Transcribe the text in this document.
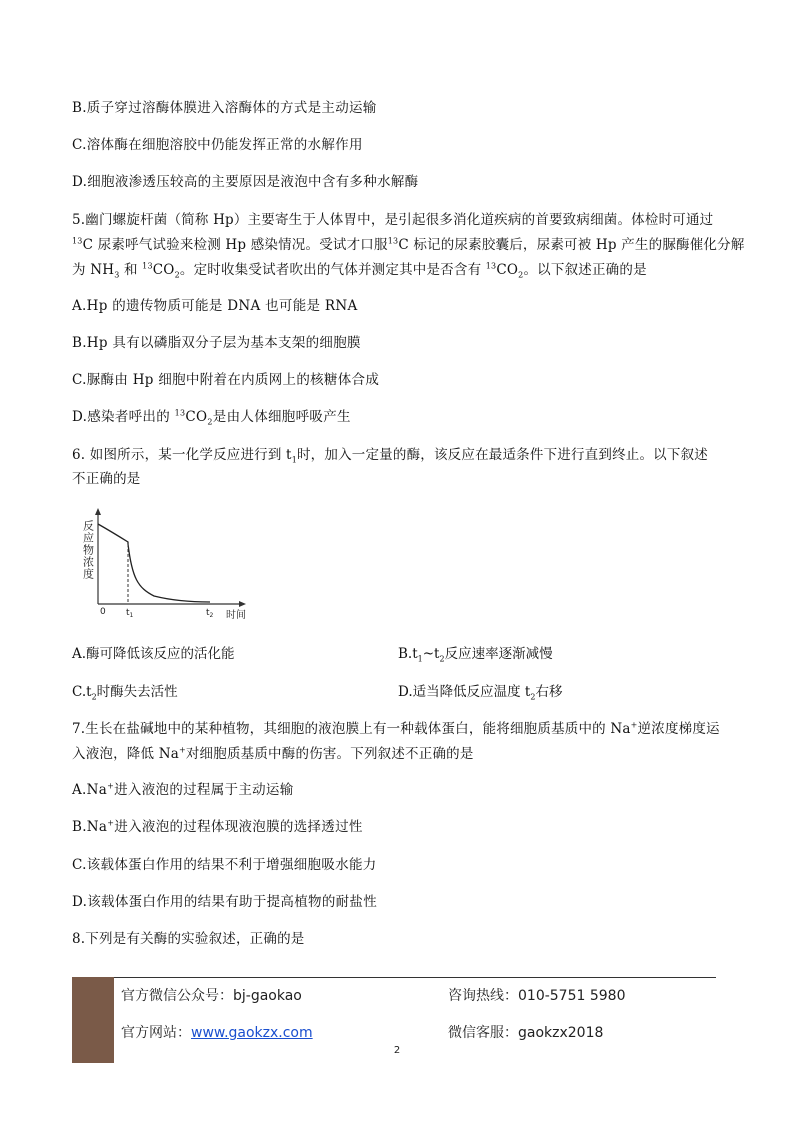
B.质子穿过溶酶体膜进入溶酶体的方式是主动运输
C.溶体酶在细胞溶胶中仍能发挥正常的水解作用
D.细胞液渗透压较高的主要原因是液泡中含有多种水解酶
5.幽门螺旋杆菌（简称 Hp）主要寄生于人体胃中，是引起很多消化道疾病的首要致病细菌。体检时可通过
$^{13}$C 尿素呼气试验来检测 Hp 感染情况。受试才口服$^{13}$C 标记的尿素胶囊后，尿素可被 Hp 产生的脲酶催化分解
为 $NH_3$ 和 $^{13}CO_2$。定时收集受试者吹出的气体并测定其中是否含有 $^{13}CO_2$。以下叙述正确的是
A.Hp 的遗传物质可能是 DNA 也可能是 RNA
B.Hp 具有以磷脂双分子层为基本支架的细胞膜
C.脲酶由 Hp 细胞中附着在内质网上的核糖体合成
D.感染者呼出的 $^{13}CO_2$是由人体细胞呼吸产生
6. 如图所示，某一化学反应进行到 $t_1$时，加入一定量的酶，该反应在最适条件下进行直到终止。以下叙述
不正确的是
反应物浓度
0 $t_1$	$t_2$ 时间
A.酶可降低该反应的活化能	$B.t_1\sim t_2$反应速率逐渐减慢
$C.t_2$时酶失去活性	D.适当降低反应温度 $t_2$右移
7.生长在盐碱地中的某种植物，其细胞的液泡膜上有一种载体蛋白，能将细胞质基质中的 Na+逆浓度梯度运
入液泡，降低 Na+对细胞质基质中酶的伤害。下列叙述不正确的是
A.Na+进入液泡的过程属于主动运输
B.Na+进入液泡的过程体现液泡膜的选择透过性
C.该载体蛋白作用的结果不利于增强细胞吸水能力
D.该载体蛋白作用的结果有助于提高植物的耐盐性
8.下列是有关酶的实验叙述，正确的是
官方微信公众号：bj-gaokao	咨询热线：010-5751 5980
官方网站：www.gaokzx.com	微信客服：gaokzx2018
2
